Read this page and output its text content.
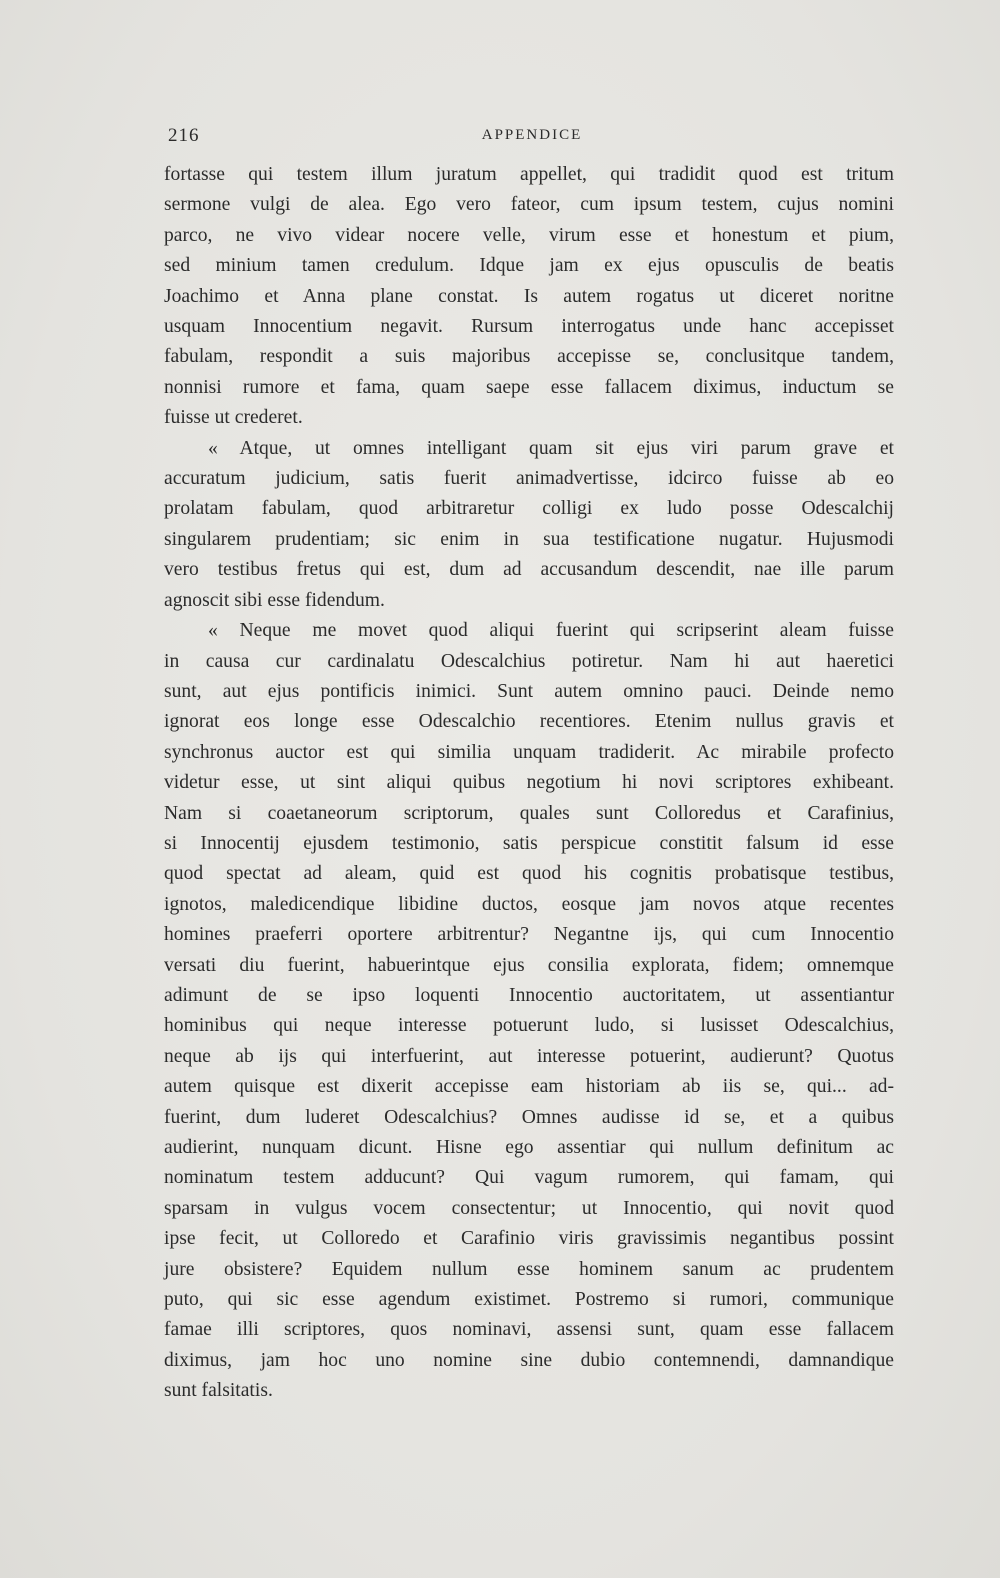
216	APPENDICE
fortasse qui testem illum juratum appellet, qui tradidit quod est tritum
sermone vulgi de alea. Ego vero fateor, cum ipsum testem, cujus nomini
parco, ne vivo videar nocere velle, virum esse et honestum et pium,
sed minium tamen credulum. Idque jam ex ejus opusculis de beatis
Joachimo et Anna plane constat. Is autem rogatus ut diceret noritne
usquam Innocentium negavit. Rursum interrogatus unde hanc accepisset
fabulam, respondit a suis majoribus accepisse se, conclusitque tandem,
nonnisi rumore et fama, quam saepe esse fallacem diximus, inductum se
fuisse ut crederet.
« Atque, ut omnes intelligant quam sit ejus viri parum grave et
accuratum judicium, satis fuerit animadvertisse, idcirco fuisse ab eo
prolatam fabulam, quod arbitraretur colligi ex ludo posse Odescalchij
singularem prudentiam; sic enim in sua testificatione nugatur. Hujusmodi
vero testibus fretus qui est, dum ad accusandum descendit, nae ille parum
agnoscit sibi esse fidendum.
« Neque me movet quod aliqui fuerint qui scripserint aleam fuisse
in causa cur cardinalatu Odescalchius potiretur. Nam hi aut haeretici
sunt, aut ejus pontificis inimici. Sunt autem omnino pauci. Deinde nemo
ignorat eos longe esse Odescalchio recentiores. Etenim nullus gravis et
synchronus auctor est qui similia unquam tradiderit. Ac mirabile profecto
videtur esse, ut sint aliqui quibus negotium hi novi scriptores exhibeant.
Nam si coaetaneorum scriptorum, quales sunt Colloredus et Carafinius,
si Innocentij ejusdem testimonio, satis perspicue constitit falsum id esse
quod spectat ad aleam, quid est quod his cognitis probatisque testibus,
ignotos, maledicendique libidine ductos, eosque jam novos atque recentes
homines praeferri oportere arbitrentur? Negantne ijs, qui cum Innocentio
versati diu fuerint, habuerintque ejus consilia explorata, fidem; omnemque
adimunt de se ipso loquenti Innocentio auctoritatem, ut assentiantur
hominibus qui neque interesse potuerunt ludo, si lusisset Odescalchius,
neque ab ijs qui interfuerint, aut interesse potuerint, audierunt? Quotus
autem quisque est dixerit accepisse eam historiam ab iis se, qui... ad-
fuerint, dum luderet Odescalchius? Omnes audisse id se, et a quibus
audierint, nunquam dicunt. Hisne ego assentiar qui nullum definitum ac
nominatum testem adducunt? Qui vagum rumorem, qui famam, qui
sparsam in vulgus vocem consectentur; ut Innocentio, qui novit quod
ipse fecit, ut Colloredo et Carafinio viris gravissimis negantibus possint
jure obsistere? Equidem nullum esse hominem sanum ac prudentem
puto, qui sic esse agendum existimet. Postremo si rumori, communique
famae illi scriptores, quos nominavi, assensi sunt, quam esse fallacem
diximus, jam hoc uno nomine sine dubio contemnendi, damnandique
sunt falsitatis.
